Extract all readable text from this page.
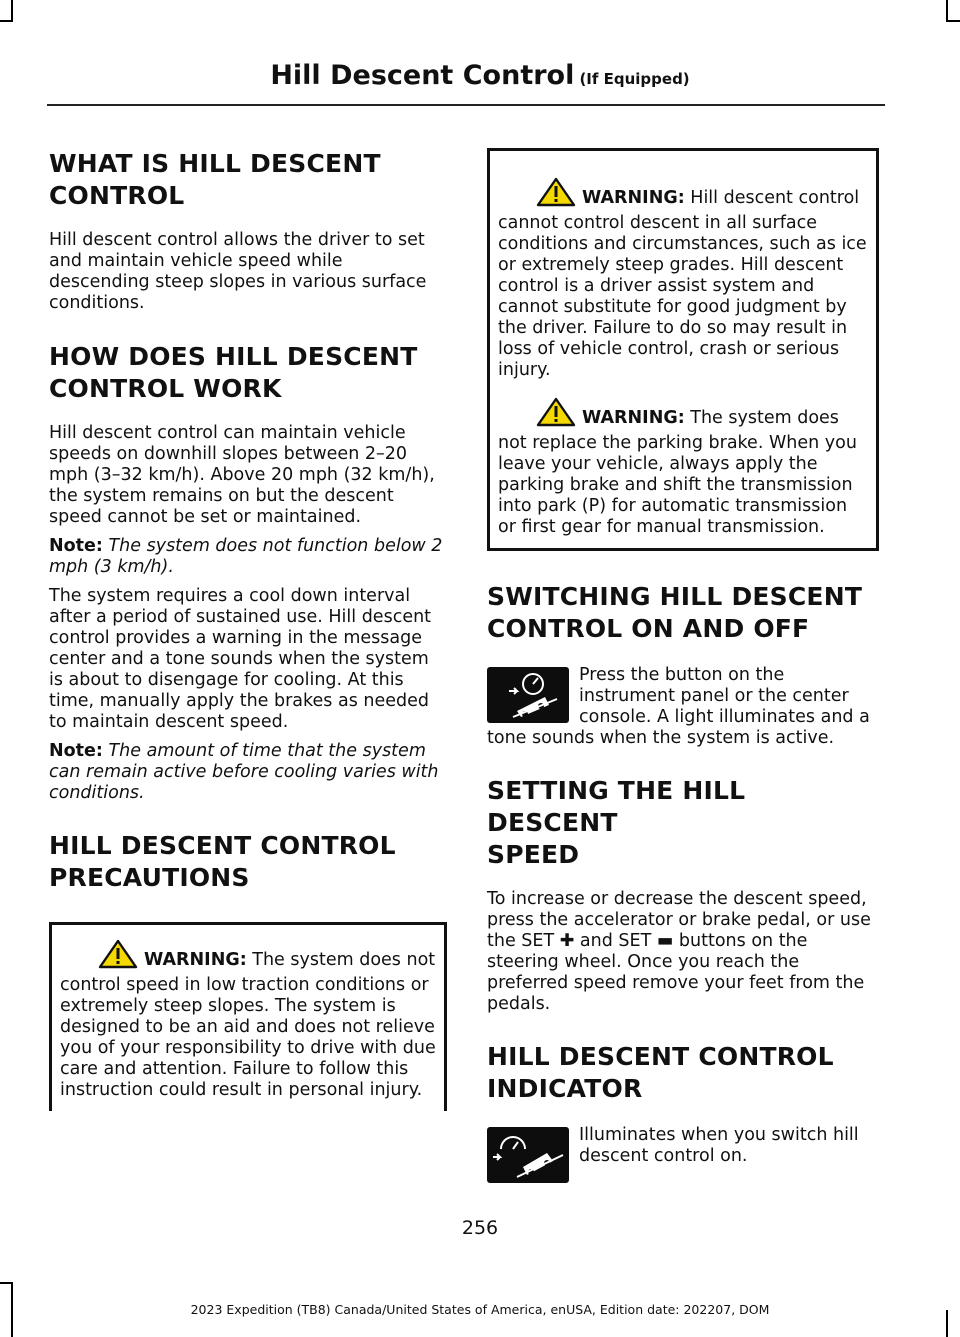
Hill Descent Control (If Equipped)
WHAT IS HILL DESCENT
CONTROL

Hill descent control allows the driver to set and maintain vehicle speed while descending steep slopes in various surface conditions.

HOW DOES HILL DESCENT
CONTROL WORK

Hill descent control can maintain vehicle speeds on downhill slopes between 2–20 mph (3–32 km/h). Above 20 mph (32 km/h), the system remains on but the descent speed cannot be set or maintained.

Note: The system does not function below 2 mph (3 km/h).

The system requires a cool down interval after a period of sustained use. Hill descent control provides a warning in the message center and a tone sounds when the system is about to disengage for cooling. At this time, manually apply the brakes as needed to maintain descent speed.

Note: The amount of time that the system can remain active before cooling varies with conditions.

HILL DESCENT CONTROL
PRECAUTIONS
WARNING: The system does not control speed in low traction conditions or extremely steep slopes. The system is designed to be an aid and does not relieve you of your responsibility to drive with due care and attention. Failure to follow this instruction could result in personal injury.
WARNING: Hill descent control cannot control descent in all surface conditions and circumstances, such as ice or extremely steep grades. Hill descent control is a driver assist system and cannot substitute for good judgment by the driver. Failure to do so may result in loss of vehicle control, crash or serious injury.
WARNING: The system does not replace the parking brake. When you leave your vehicle, always apply the parking brake and shift the transmission into park (P) for automatic transmission or first gear for manual transmission.
SWITCHING HILL DESCENT
CONTROL ON AND OFF

Press the button on the instrument panel or the center console. A light illuminates and a tone sounds when the system is active.

SETTING THE HILL DESCENT
SPEED

To increase or decrease the descent speed, press the accelerator or brake pedal, or use the SET ✚ and SET ▬ buttons on the steering wheel. Once you reach the preferred speed remove your feet from the pedals.

HILL DESCENT CONTROL
INDICATOR

Illuminates when you switch hill descent control on.

256
2023 Expedition (TB8) Canada/United States of America, enUSA, Edition date: 202207, DOM
